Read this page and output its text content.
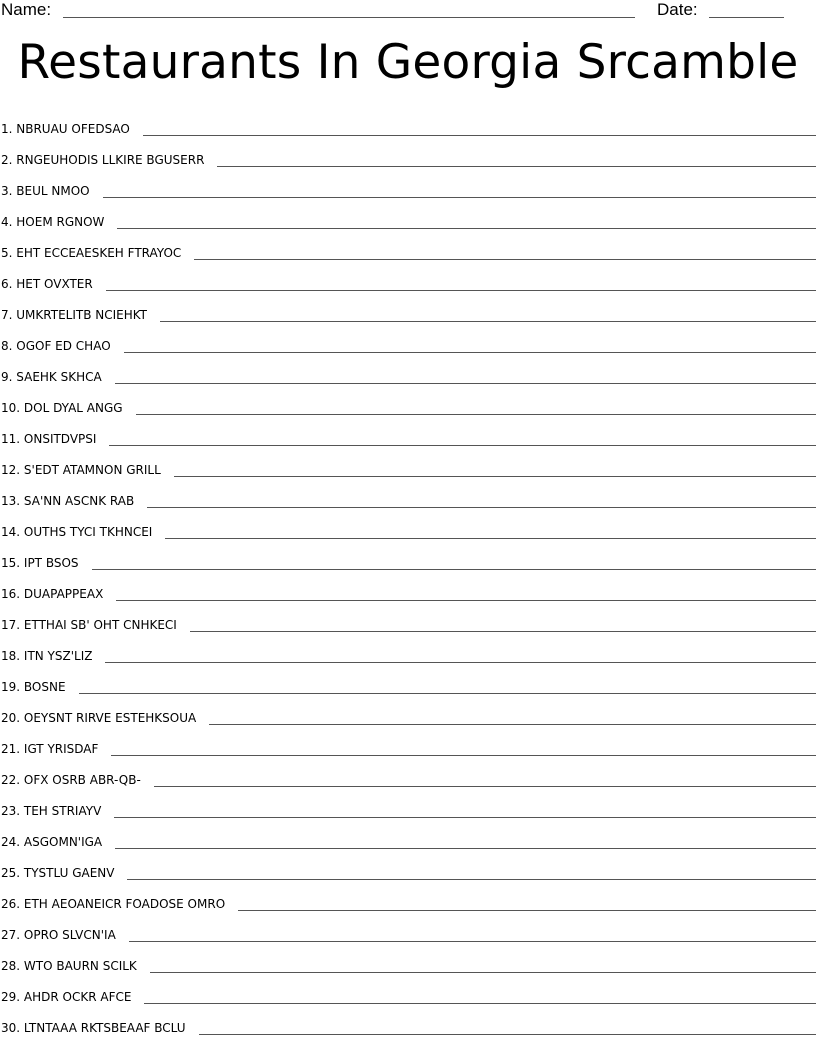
Name:	Date:
Restaurants In Georgia Srcamble
1. NBRUAU OFEDSAO
2. RNGEUHODIS LLKIRE BGUSERR
3. BEUL NMOO
4. HOEM RGNOW
5. EHT ECCEAESKEH FTRAYOC
6. HET OVXTER
7. UMKRTELITB NCIEHKT
8. OGOF ED CHAO
9. SAEHK SKHCA
10. DOL DYAL ANGG
11. ONSITDVPSI
12. S'EDT ATAMNON GRILL
13. SA'NN ASCNK RAB
14. OUTHS TYCI TKHNCEI
15. IPT BSOS
16. DUAPAPPEAX
17. ETTHAI SB' OHT CNHKECI
18. ITN YSZ'LIZ
19. BOSNE
20. OEYSNT RIRVE ESTEHKSOUA
21. IGT YRISDAF
22. OFX OSRB ABR-QB-
23. TEH STRIAYV
24. ASGOMN'IGA
25. TYSTLU GAENV
26. ETH AEOANEICR FOADOSE OMRO
27. OPRO SLVCN'IA
28. WTO BAURN SCILK
29. AHDR OCKR AFCE
30. LTNTAAA RKTSBEAAF BCLU
